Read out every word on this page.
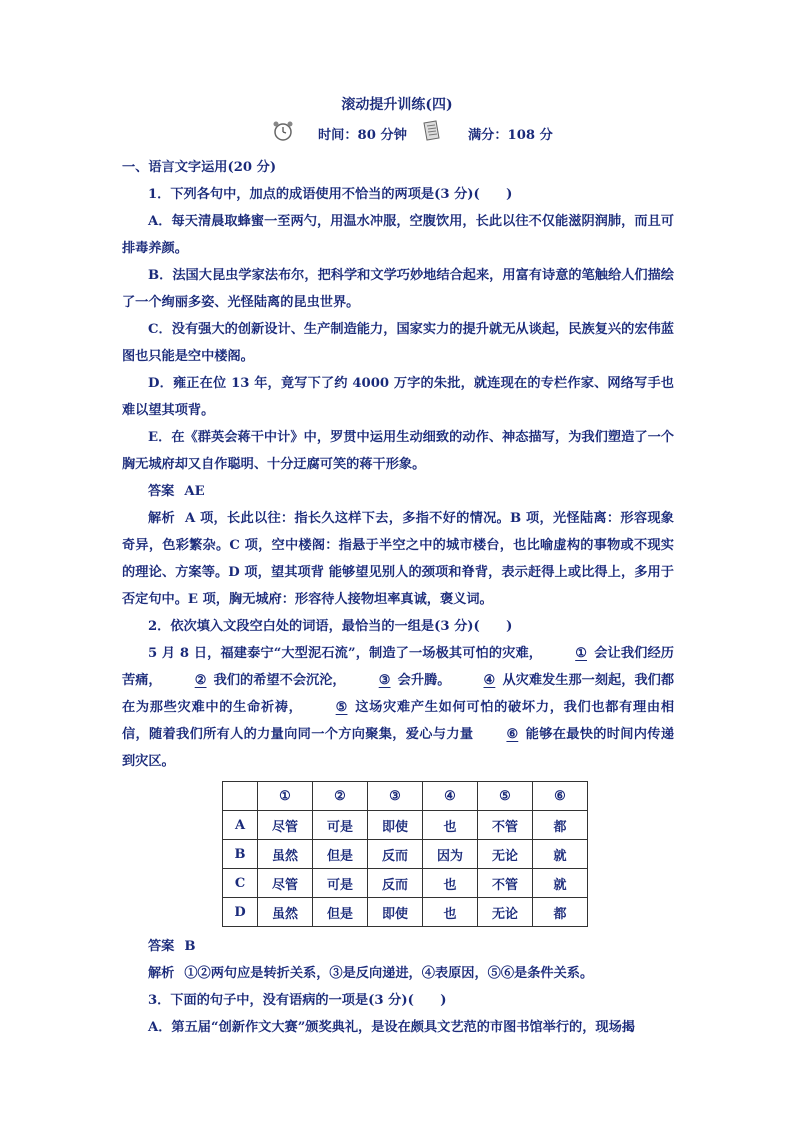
滚动提升训练(四)
时间：80 分钟	满分：108 分
一、语言文字运用(20 分)
1．下列各句中，加点的成语使用不恰当的两项是(3 分)(　　)
A．每天清晨取蜂蜜一至两勺，用温水冲服，空腹饮用，长此以往不仅能滋阴润肺，而且可排毒养颜。
B．法国大昆虫学家法布尔，把科学和文学巧妙地结合起来，用富有诗意的笔触给人们描绘了一个绚丽多姿、光怪陆离的昆虫世界。
C．没有强大的创新设计、生产制造能力，国家实力的提升就无从谈起，民族复兴的宏伟蓝图也只能是空中楼阁。
D．雍正在位 13 年，竟写下了约 4000 万字的朱批，就连现在的专栏作家、网络写手也难以望其项背。
E．在《群英会蒋干中计》中，罗贯中运用生动细致的动作、神态描写，为我们塑造了一个胸无城府却又自作聪明、十分迂腐可笑的蒋干形象。
答案 AE
解析 A 项，长此以往：指长久这样下去，多指不好的情况。B 项，光怪陆离：形容现象奇异，色彩繁杂。C 项，空中楼阁：指悬于半空之中的城市楼台，也比喻虚构的事物或不现实的理论、方案等。D 项，望其项背 能够望见别人的颈项和脊背，表示赶得上或比得上，多用于否定句中。E 项，胸无城府：形容待人接物坦率真诚，褒义词。
2．依次填入文段空白处的词语，最恰当的一组是(3 分)(　　)
5 月 8 日，福建泰宁“大型泥石流”，制造了一场极其可怕的灾难，	① 会让我们经历苦痛，	② 我们的希望不会沉沦，	③ 会升腾。	④ 从灾难发生那一刻起，我们都在为那些灾难中的生命祈祷，	⑤ 这场灾难产生如何可怕的破坏力，我们也都有理由相信，随着我们所有人的力量向同一个方向聚集，爱心与力量	⑥ 能够在最快的时间内传递到灾区。
	①	②	③	④	⑤	⑥
A	尽管	可是	即使	也	不管	都
B	虽然	但是	反而	因为	无论	就
C	尽管	可是	反而	也	不管	就
D	虽然	但是	即使	也	无论	都
答案 B
解析 ①②两句应是转折关系，③是反向递进，④表原因，⑤⑥是条件关系。
3．下面的句子中，没有语病的一项是(3 分)(　　)
A．第五届“创新作文大赛”颁奖典礼，是设在颇具文艺范的市图书馆举行的，现场揭
